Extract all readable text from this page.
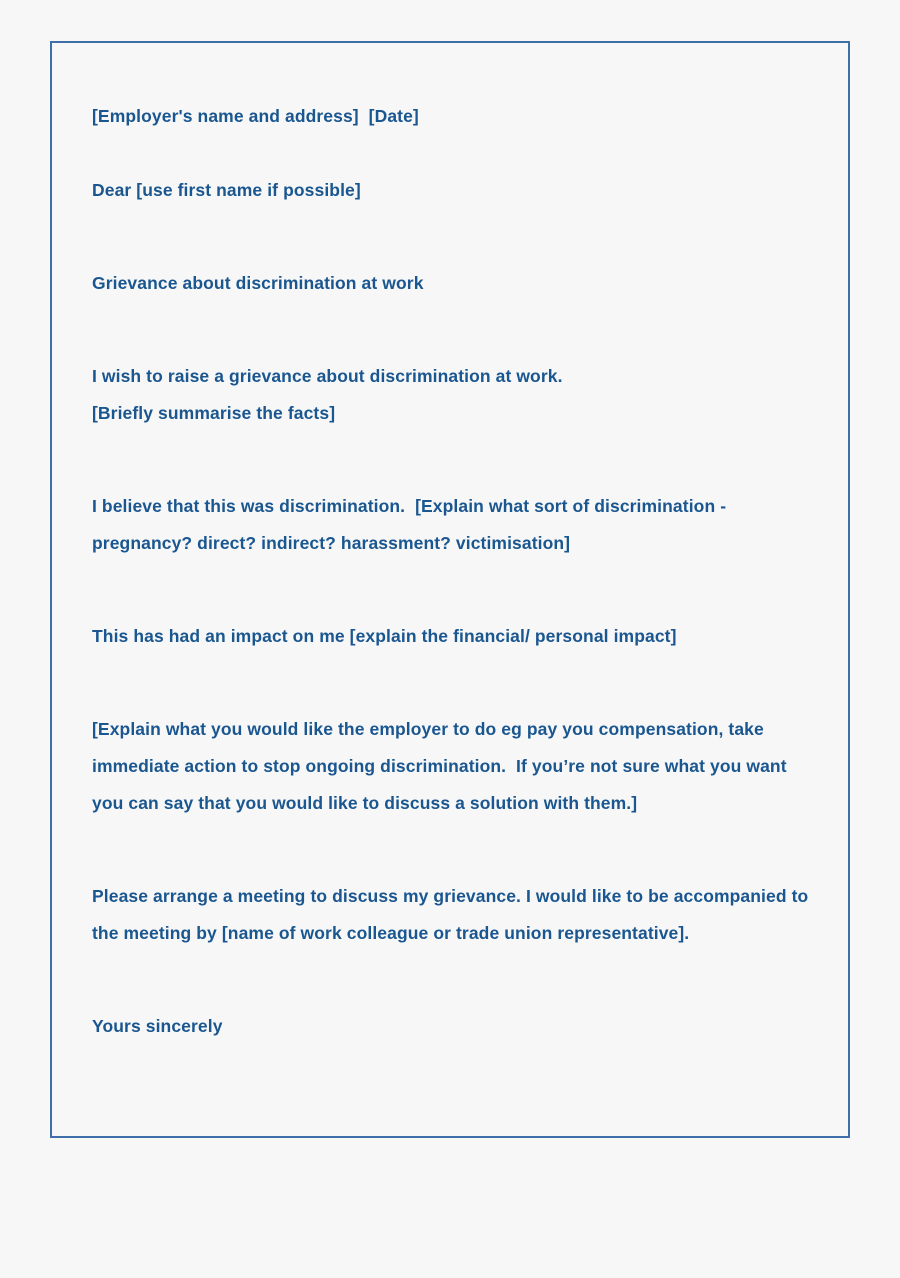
[Employer's name and address]  [Date]

Dear [use first name if possible]

Grievance about discrimination at work

I wish to raise a grievance about discrimination at work.

[Briefly summarise the facts]

I believe that this was discrimination.  [Explain what sort of discrimination - pregnancy? direct? indirect? harassment? victimisation]

This has had an impact on me [explain the financial/ personal impact]

[Explain what you would like the employer to do eg pay you compensation, take immediate action to stop ongoing discrimination.  If you’re not sure what you want you can say that you would like to discuss a solution with them.]

Please arrange a meeting to discuss my grievance. I would like to be accompanied to the meeting by [name of work colleague or trade union representative].

Yours sincerely
